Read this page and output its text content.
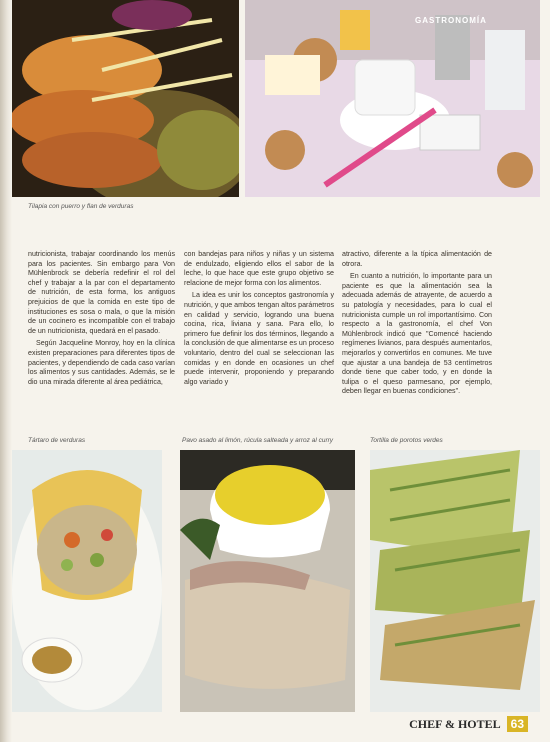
GASTRONOMÍA
Tilapia con puerro y flan de verduras

nutricionista, trabajar coordinando los menús para los pacientes. Sin embargo para Von Mühlenbrock se debería redefinir el rol del chef y trabajar a la par con el departamento de nutrición, de esta forma, los antiguos prejuicios de que la comida en este tipo de instituciones es sosa o mala, o que la misión de un cocinero es incompatible con el trabajo de un nutricionista, quedará en el pasado.

Según Jacqueline Monroy, hoy en la clínica existen preparaciones para diferentes tipos de pacientes, y dependiendo de cada caso varían los alimentos y sus cantidades. Además, se le dio una mirada diferente al área pediátrica,

con bandejas para niños y niñas y un sistema de endulzado, eligiendo ellos el sabor de la leche, lo que hace que este grupo objetivo se relacione de mejor forma con los alimentos.

La idea es unir los conceptos gastronomía y nutrición, y que ambos tengan altos parámetros en calidad y servicio, logrando una buena cocina, rica, liviana y sana. Para ello, lo primero fue definir los dos términos, llegando a la conclusión de que alimentarse es un proceso voluntario, dentro del cual se seleccionan las comidas y en donde en ocasiones un chef puede intervenir, proponiendo y preparando algo variado y

atractivo, diferente a la típica alimentación de otrora.

En cuanto a nutrición, lo importante para un paciente es que la alimentación sea la adecuada además de atrayente, de acuerdo a su patología y necesidades, para lo cual el nutricionista cumple un rol importantísimo. Con respecto a la gastronomía, el chef Von Mühlenbrock indicó que "Comencé haciendo regímenes livianos, para después aumentarlos, mejorarlos y convertirlos en comunes. Me tuve que ajustar a una bandeja de 53 centímetros donde tiene que caber todo, y en donde la tulipa o el queso parmesano, por ejemplo, deben llegar en buenas condiciones".

Tártaro de verduras	Pavo asado al limón, rúcula salteada y arroz al curry	Tortilla de porotos verdes
CHEF & HOTEL 63
